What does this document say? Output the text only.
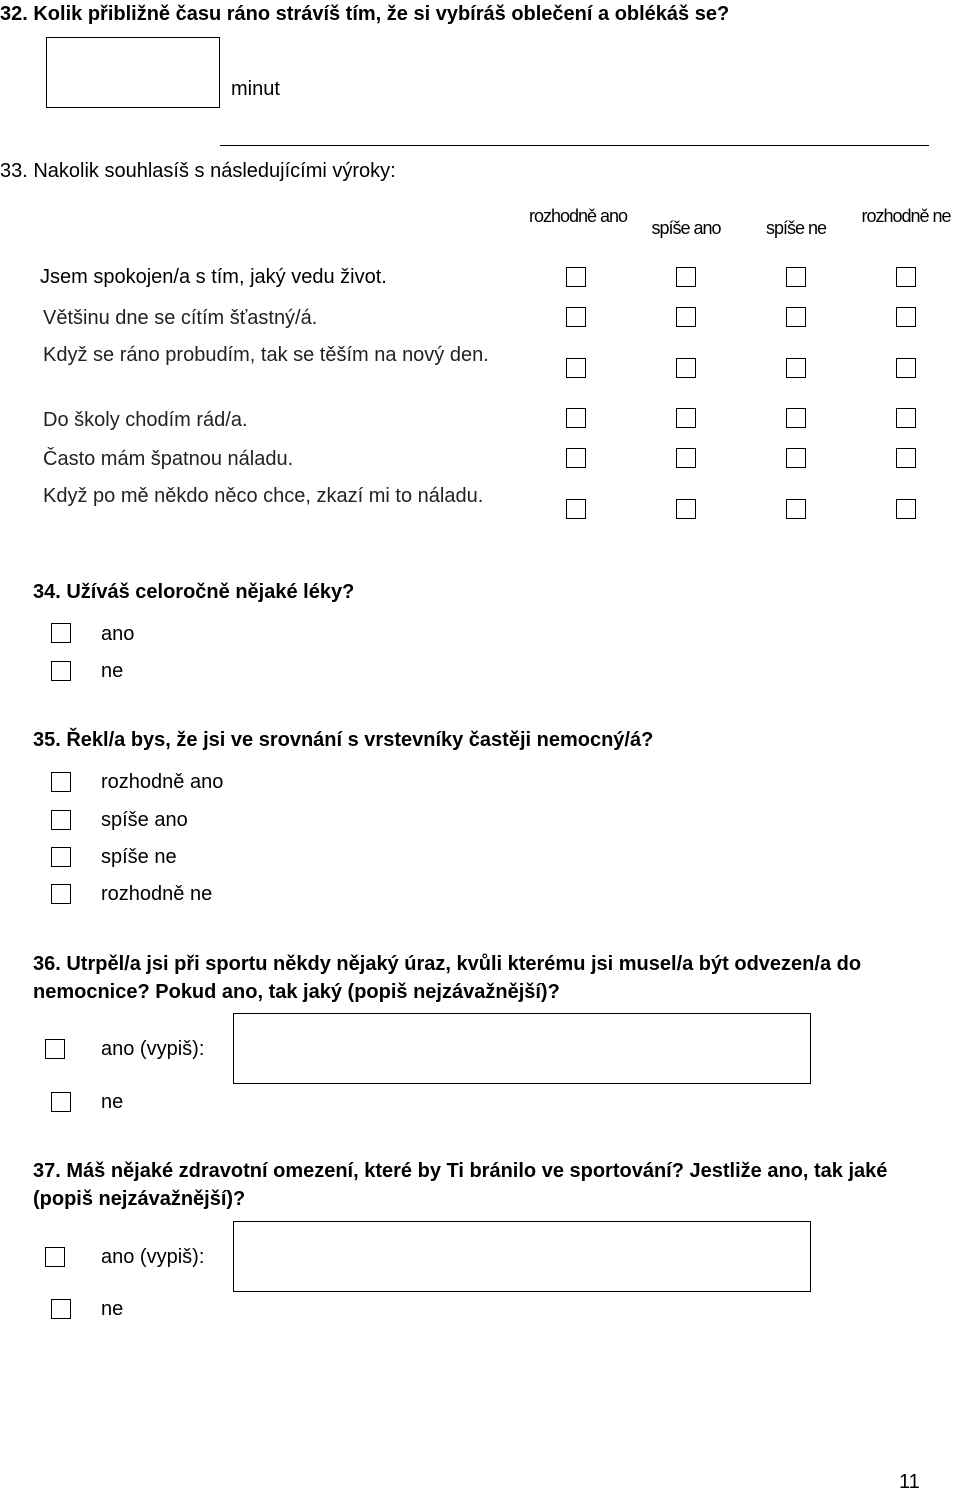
32. Kolik přibližně času ráno strávíš tím, že si vybíráš oblečení a oblékáš se?
minut
33. Nakolik souhlasíš s následujícími výroky:
rozhodně ano
spíše ano	spíše ne
rozhodně ne
Jsem spokojen/a s tím, jaký vedu život.
Většinu dne se cítím šťastný/á.
Když se ráno probudím, tak se těším na nový den.
Do školy chodím rád/a.
Často mám špatnou náladu.
Když po mě někdo něco chce, zkazí mi to náladu.
34. Užíváš celoročně nějaké léky?
ano
ne
35. Řekl/a bys, že jsi ve srovnání s vrstevníky častěji nemocný/á?
rozhodně ano
spíše ano
spíše ne
rozhodně ne
36. Utrpěl/a jsi při sportu někdy nějaký úraz, kvůli kterému jsi musel/a být odvezen/a do nemocnice? Pokud ano, tak jaký (popiš nejzávažnější)?
ano (vypiš):
ne
37. Máš nějaké zdravotní omezení, které by Ti bránilo ve sportování? Jestliže ano, tak jaké (popiš nejzávažnější)?
ano (vypiš):
ne
11
